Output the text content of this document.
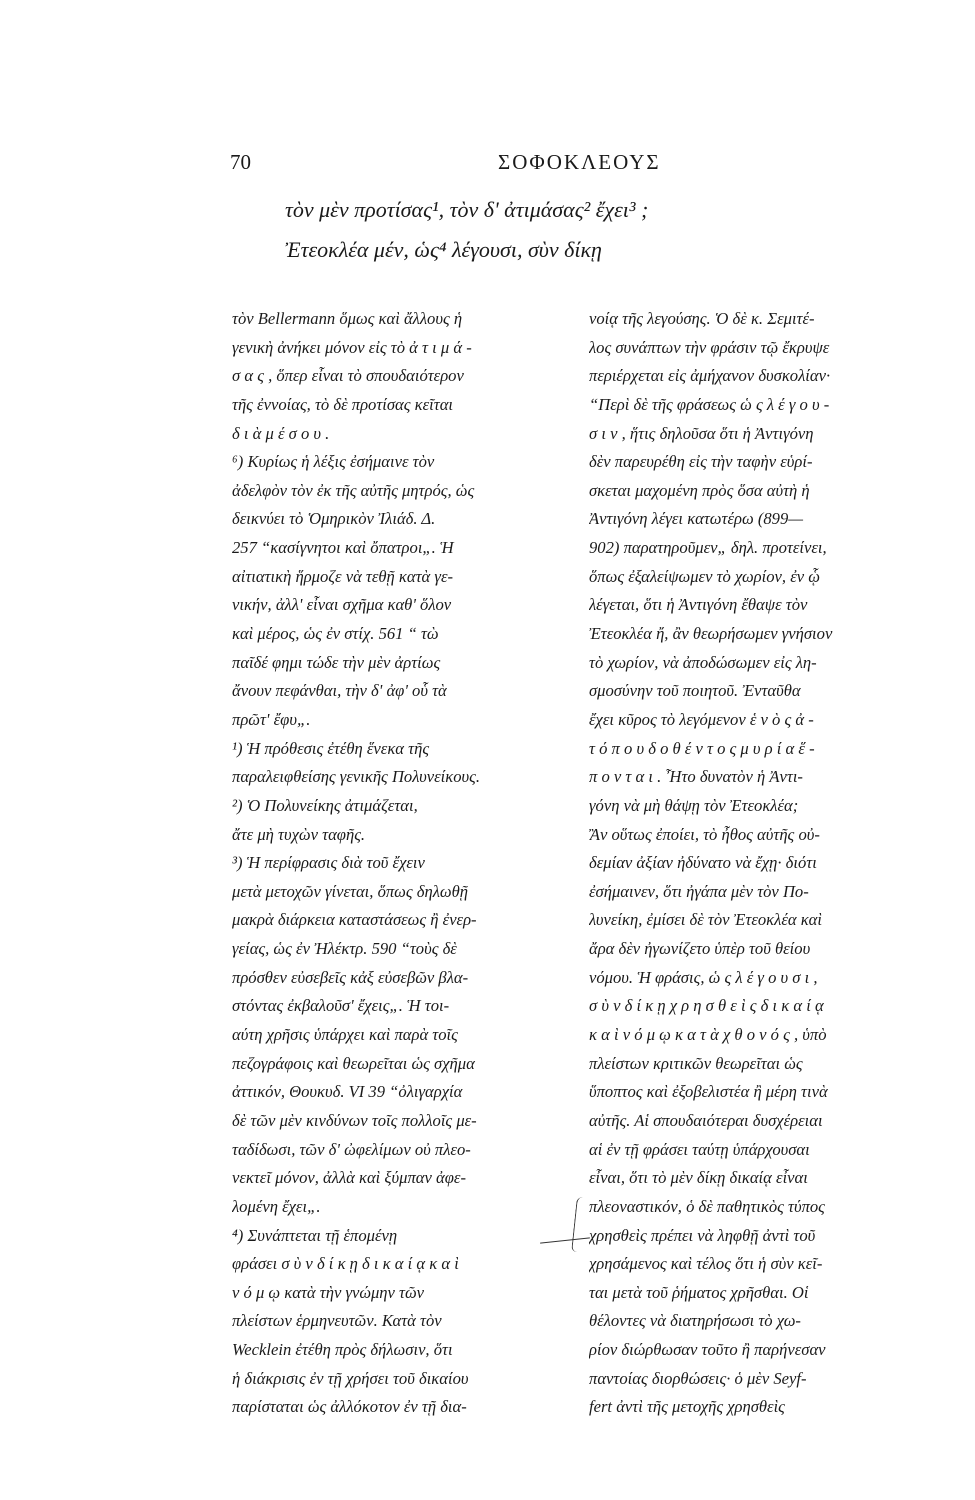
70	ΣΟΦΟΚΛΕΟΥΣ
τὸν μὲν προτίσας¹, τὸν δ' ἀτιμάσας² ἔχει³ ;
Ἐτεοκλέα μέν, ὡς⁴ λέγουσι, σὺν δίκῃ
τὸν Bellermann ὅμως καὶ ἄλλους ἡ
γενικὴ ἀνήκει μόνον εἰς τὸ ἀ τ ι μ ά -
σ α ς , ὅπερ εἶναι τὸ σπουδαιότερον
τῆς ἐννοίας, τὸ δὲ προτίσας κεῖται
δ ι ὰ μ έ σ ο υ .
⁶) Κυρίως ἡ λέξις ἐσήμαινε τὸν
ἀδελφὸν τὸν ἐκ τῆς αὐτῆς μητρός, ὡς
δεικνύει τὸ Ὁμηρικὸν Ἰλιάδ. Δ.
257 “κασίγνητοι καὶ ὄπατροι„. Ἡ
αἰτιατικὴ ἥρμοζε νὰ τεθῇ κατὰ γε-
νικήν, ἀλλ' εἶναι σχῆμα καθ' ὅλον
καὶ μέρος, ὡς ἐν στίχ. 561 “ τὼ
παῖδέ φημι τώδε τὴν μὲν ἀρτίως
ἄνουν πεφάνθαι, τὴν δ' ἀφ' οὗ τὰ
πρῶτ' ἔφυ„.
¹) Ἡ πρόθεσις ἐτέθη ἕνεκα τῆς
παραλειφθείσης γενικῆς Πολυνείκους.
²) Ὁ Πολυνείκης ἀτιμάζεται,
ἄτε μὴ τυχὼν ταφῆς.
³) Ἡ περίφρασις διὰ τοῦ ἔχειν
μετὰ μετοχῶν γίνεται, ὅπως δηλωθῇ
μακρὰ διάρκεια καταστάσεως ἢ ἐνερ-
γείας, ὡς ἐν Ἠλέκτρ. 590 “τοὺς δὲ
πρόσθεν εὐσεβεῖς κἀξ εὐσεβῶν βλα-
στόντας ἐκβαλοῦσ' ἔχεις„. Ἡ τοι-
αύτη χρῆσις ὑπάρχει καὶ παρὰ τοῖς
πεζογράφοις καὶ θεωρεῖται ὡς σχῆμα
ἀττικόν, Θουκυδ. VI 39 “ὀλιγαρχία
δὲ τῶν μὲν κινδύνων τοῖς πολλοῖς με-
ταδίδωσι, τῶν δ' ὠφελίμων οὐ πλεο-
νεκτεῖ μόνον, ἀλλὰ καὶ ξύμπαν ἀφε-
λομένη ἔχει„.
⁴) Συνάπτεται τῇ ἑπομένῃ
φράσει σ ὺ ν δ ί κ ῃ δ ι κ α ί ᾳ κ α ὶ
ν ό μ ῳ κατὰ τὴν γνώμην τῶν
πλείστων ἑρμηνευτῶν. Κατὰ τὸν
Wecklein ἐτέθη πρὸς δήλωσιν, ὅτι
ἡ διάκρισις ἐν τῇ χρήσει τοῦ δικαίου
παρίσταται ὡς ἀλλόκοτον ἐν τῇ δια-
νοίᾳ τῆς λεγούσης. Ὁ δὲ κ. Σεμιτέ-
λος συνάπτων τὴν φράσιν τῷ ἔκρυψε
περιέρχεται εἰς ἀμήχανον δυσκολίαν·
“Περὶ δὲ τῆς φράσεως ὡ ς λ έ γ ο υ -
σ ι ν , ἥτις δηλοῦσα ὅτι ἡ Ἀντιγόνη
δὲν παρευρέθη εἰς τὴν ταφὴν εὑρί-
σκεται μαχομένη πρὸς ὅσα αὐτὴ ἡ
Ἀντιγόνη λέγει κατωτέρω (899—
902) παρατηροῦμεν„ δηλ. προτείνει,
ὅπως ἐξαλείψωμεν τὸ χωρίον, ἐν ᾧ
λέγεται, ὅτι ἡ Ἀντιγόνη ἔθαψε τὸν
Ἐτεοκλέα ἤ, ἂν θεωρήσωμεν γνήσιον
τὸ χωρίον, νὰ ἀποδώσωμεν εἰς λη-
σμοσύνην τοῦ ποιητοῦ. Ἐνταῦθα
ἔχει κῦρος τὸ λεγόμενον ἑ ν ὸ ς ἀ -
τ ό π ο υ δ ο θ έ ν τ ο ς μ υ ρ ί α ἕ -
π ο ν τ α ι . Ἦτο δυνατὸν ἡ Ἀντι-
γόνη νὰ μὴ θάψῃ τὸν Ἐτεοκλέα;
Ἂν οὕτως ἐποίει, τὸ ἦθος αὐτῆς οὐ-
δεμίαν ἀξίαν ἠδύνατο νὰ ἔχῃ· διότι
ἐσήμαινεν, ὅτι ἠγάπα μὲν τὸν Πο-
λυνείκη, ἐμίσει δὲ τὸν Ἐτεοκλέα καὶ
ἄρα δὲν ἠγωνίζετο ὑπὲρ τοῦ θείου
νόμου. Ἡ φράσις, ὡ ς λ έ γ ο υ σ ι ,
σ ὺ ν δ ί κ ῃ χ ρ η σ θ ε ὶ ς δ ι κ α ί ᾳ
κ α ὶ ν ό μ ῳ κ α τ ὰ χ θ ο ν ό ς , ὑπὸ
πλείστων κριτικῶν θεωρεῖται ὡς
ὕποπτος καὶ ἐξοβελιστέα ἢ μέρη τινὰ
αὐτῆς. Αἱ σπουδαιότεραι δυσχέρειαι
αἱ ἐν τῇ φράσει ταύτῃ ὑπάρχουσαι
εἶναι, ὅτι τὸ μὲν δίκῃ δικαίᾳ εἶναι
πλεοναστικόν, ὁ δὲ παθητικὸς τύπος
χρησθεὶς πρέπει νὰ ληφθῇ ἀντὶ τοῦ
χρησάμενος καὶ τέλος ὅτι ἡ σὺν κεῖ-
ται μετὰ τοῦ ῥήματος χρῆσθαι. Οἱ
θέλοντες νὰ διατηρήσωσι τὸ χω-
ρίον διώρθωσαν τοῦτο ἢ παρήνεσαν
παντοίας διορθώσεις· ὁ μὲν Seyf-
fert ἀντὶ τῆς μετοχῆς χρησθεὶς
